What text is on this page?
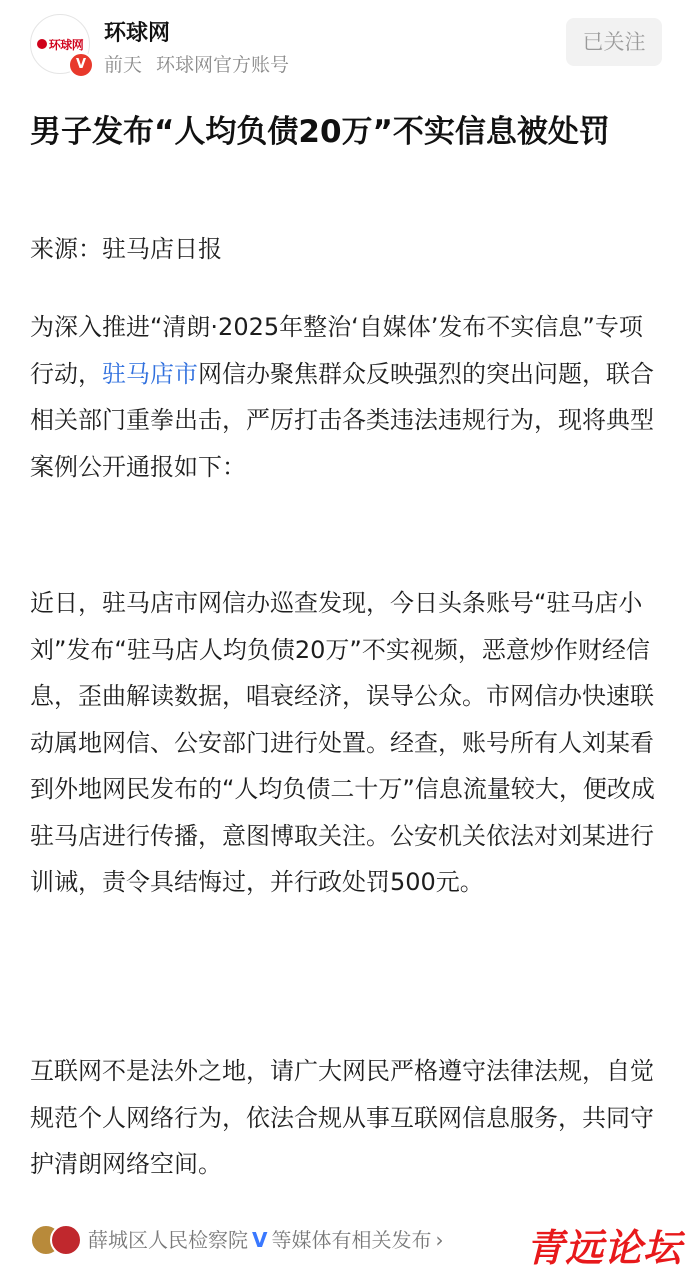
环球网
V
环球网
前天 环球网官方账号
已关注
男子发布“人均负债20万”不实信息被处罚

来源：驻马店日报

为深入推进“清朗·2025年整治‘自媒体’发布不实信息”专项行动，驻马店市网信办聚焦群众反映强烈的突出问题，联合相关部门重拳出击，严厉打击各类违法违规行为，现将典型案例公开通报如下：

近日，驻马店市网信办巡查发现，今日头条账号“驻马店小刘”发布“驻马店人均负债20万”不实视频，恶意炒作财经信息，歪曲解读数据，唱衰经济，误导公众。市网信办快速联动属地网信、公安部门进行处置。经查，账号所有人刘某看到外地网民发布的“人均负债二十万”信息流量较大，便改成驻马店进行传播，意图博取关注。公安机关依法对刘某进行训诫，责令具结悔过，并行政处罚500元。

互联网不是法外之地，请广大网民严格遵守法律法规，自觉规范个人网络行为，依法合规从事互联网信息服务，共同守护清朗网络空间。

薛城区人民检察院 V 等媒体有相关发布 › 青远论坛
